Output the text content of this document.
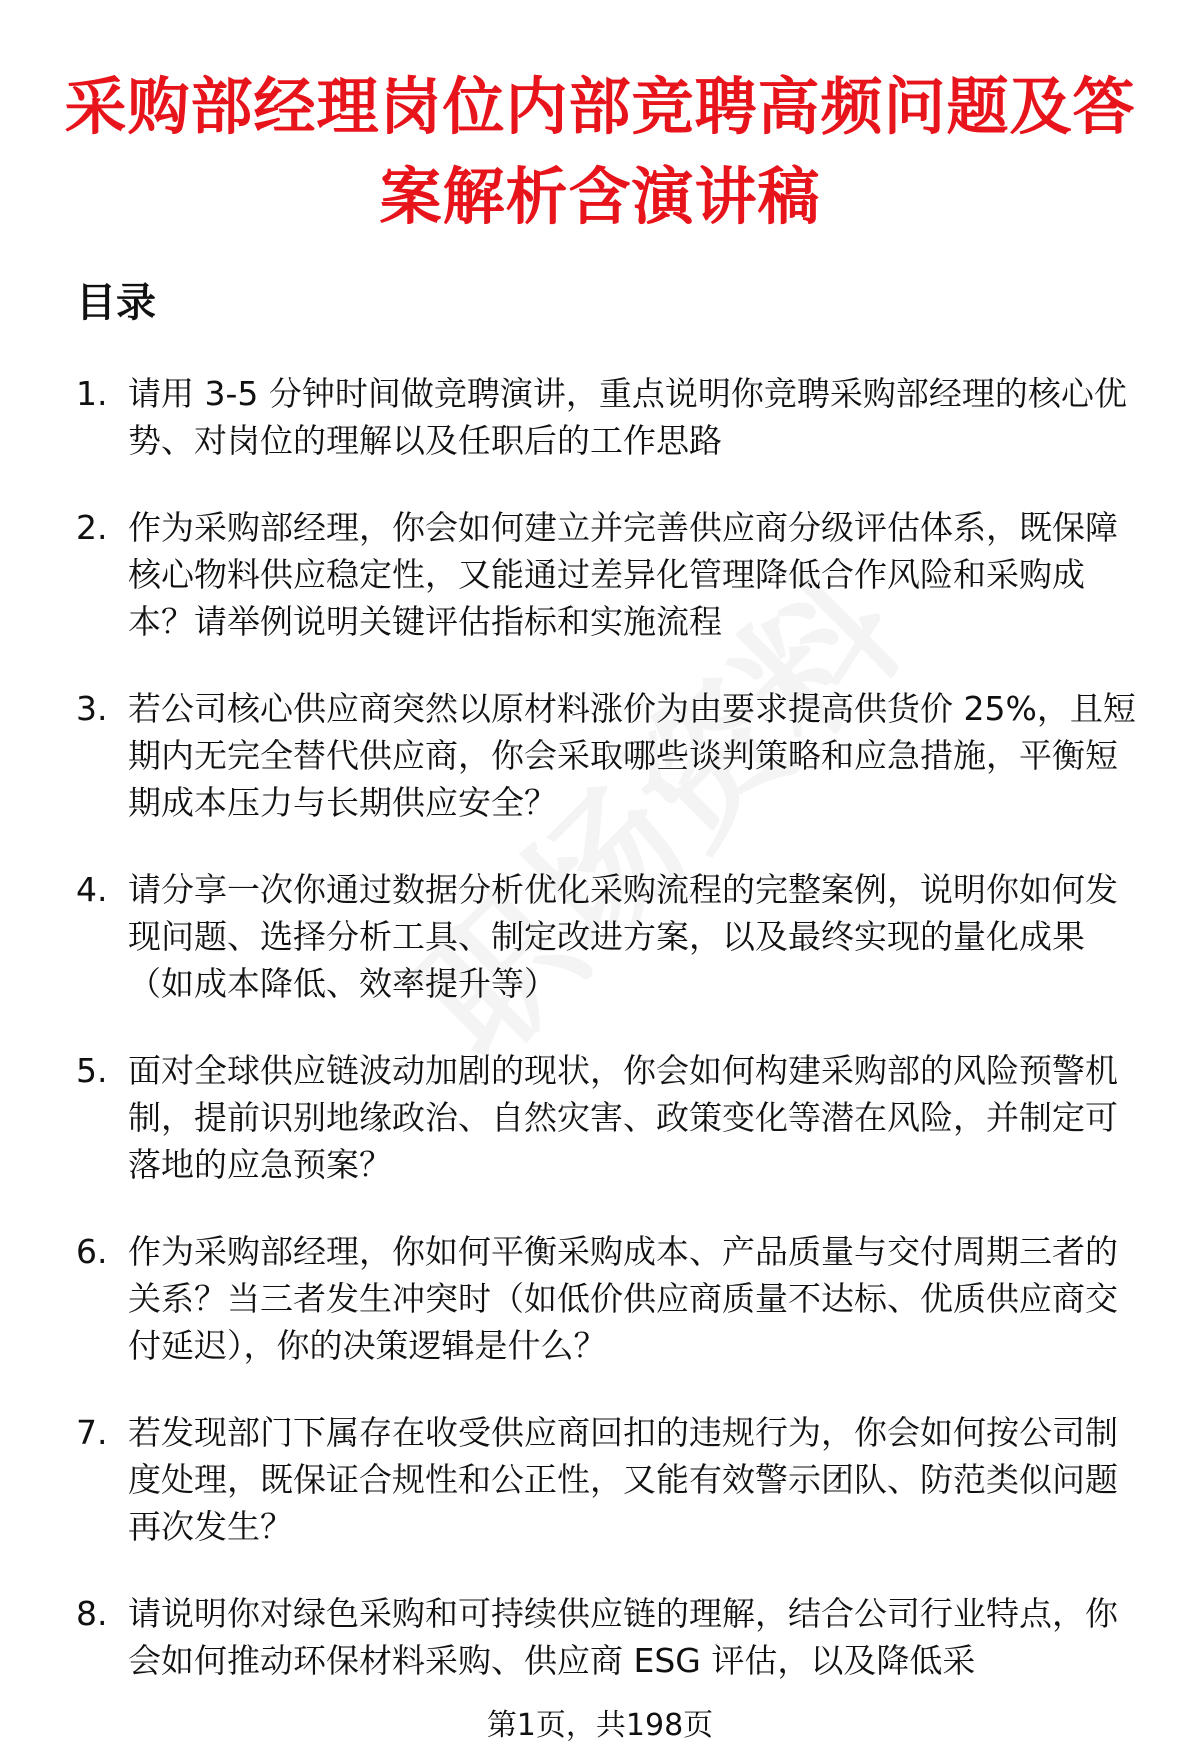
采购部经理岗位内部竞聘高频问题及答案解析含演讲稿
目录
1. 请用 3-5 分钟时间做竞聘演讲，重点说明你竞聘采购部经理的核心优势、对岗位的理解以及任职后的工作思路
2. 作为采购部经理，你会如何建立并完善供应商分级评估体系，既保障核心物料供应稳定性，又能通过差异化管理降低合作风险和采购成本？请举例说明关键评估指标和实施流程
3. 若公司核心供应商突然以原材料涨价为由要求提高供货价 25%，且短期内无完全替代供应商，你会采取哪些谈判策略和应急措施，平衡短期成本压力与长期供应安全？
4. 请分享一次你通过数据分析优化采购流程的完整案例，说明你如何发现问题、选择分析工具、制定改进方案，以及最终实现的量化成果（如成本降低、效率提升等）
5. 面对全球供应链波动加剧的现状，你会如何构建采购部的风险预警机制，提前识别地缘政治、自然灾害、政策变化等潜在风险，并制定可落地的应急预案？
6. 作为采购部经理，你如何平衡采购成本、产品质量与交付周期三者的关系？当三者发生冲突时（如低价供应商质量不达标、优质供应商交付延迟），你的决策逻辑是什么？
7. 若发现部门下属存在收受供应商回扣的违规行为，你会如何按公司制度处理，既保证合规性和公正性，又能有效警示团队、防范类似问题再次发生？
8. 请说明你对绿色采购和可持续供应链的理解，结合公司行业特点，你会如何推动环保材料采购、供应商 ESG 评估，以及降低采
第1页，共198页
